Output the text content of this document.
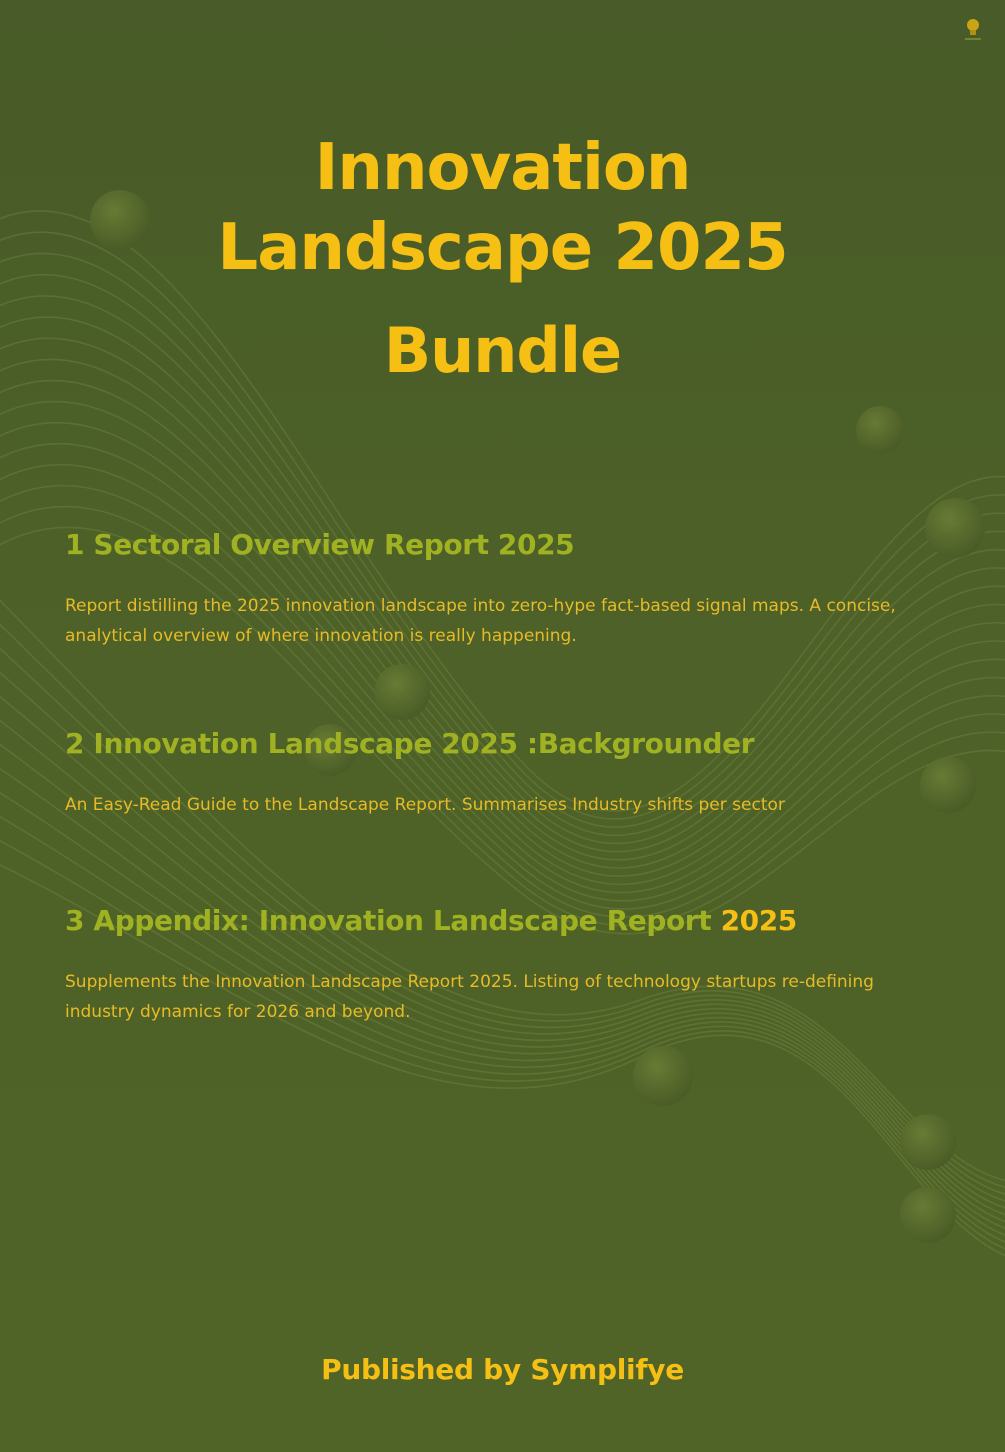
Innovation
Landscape 2025
Bundle
1 Sectoral Overview Report 2025
Report distilling the 2025 innovation landscape into zero-hype fact-based signal maps. A concise, analytical overview of where innovation is really happening.
2 Innovation Landscape 2025 :Backgrounder
An Easy-Read Guide to the Landscape Report. Summarises Industry shifts per sector
3 Appendix: Innovation Landscape Report 2025
Supplements the Innovation Landscape Report 2025. Listing of technology startups re-defining industry dynamics for 2026 and beyond.
Published by Symplifye
